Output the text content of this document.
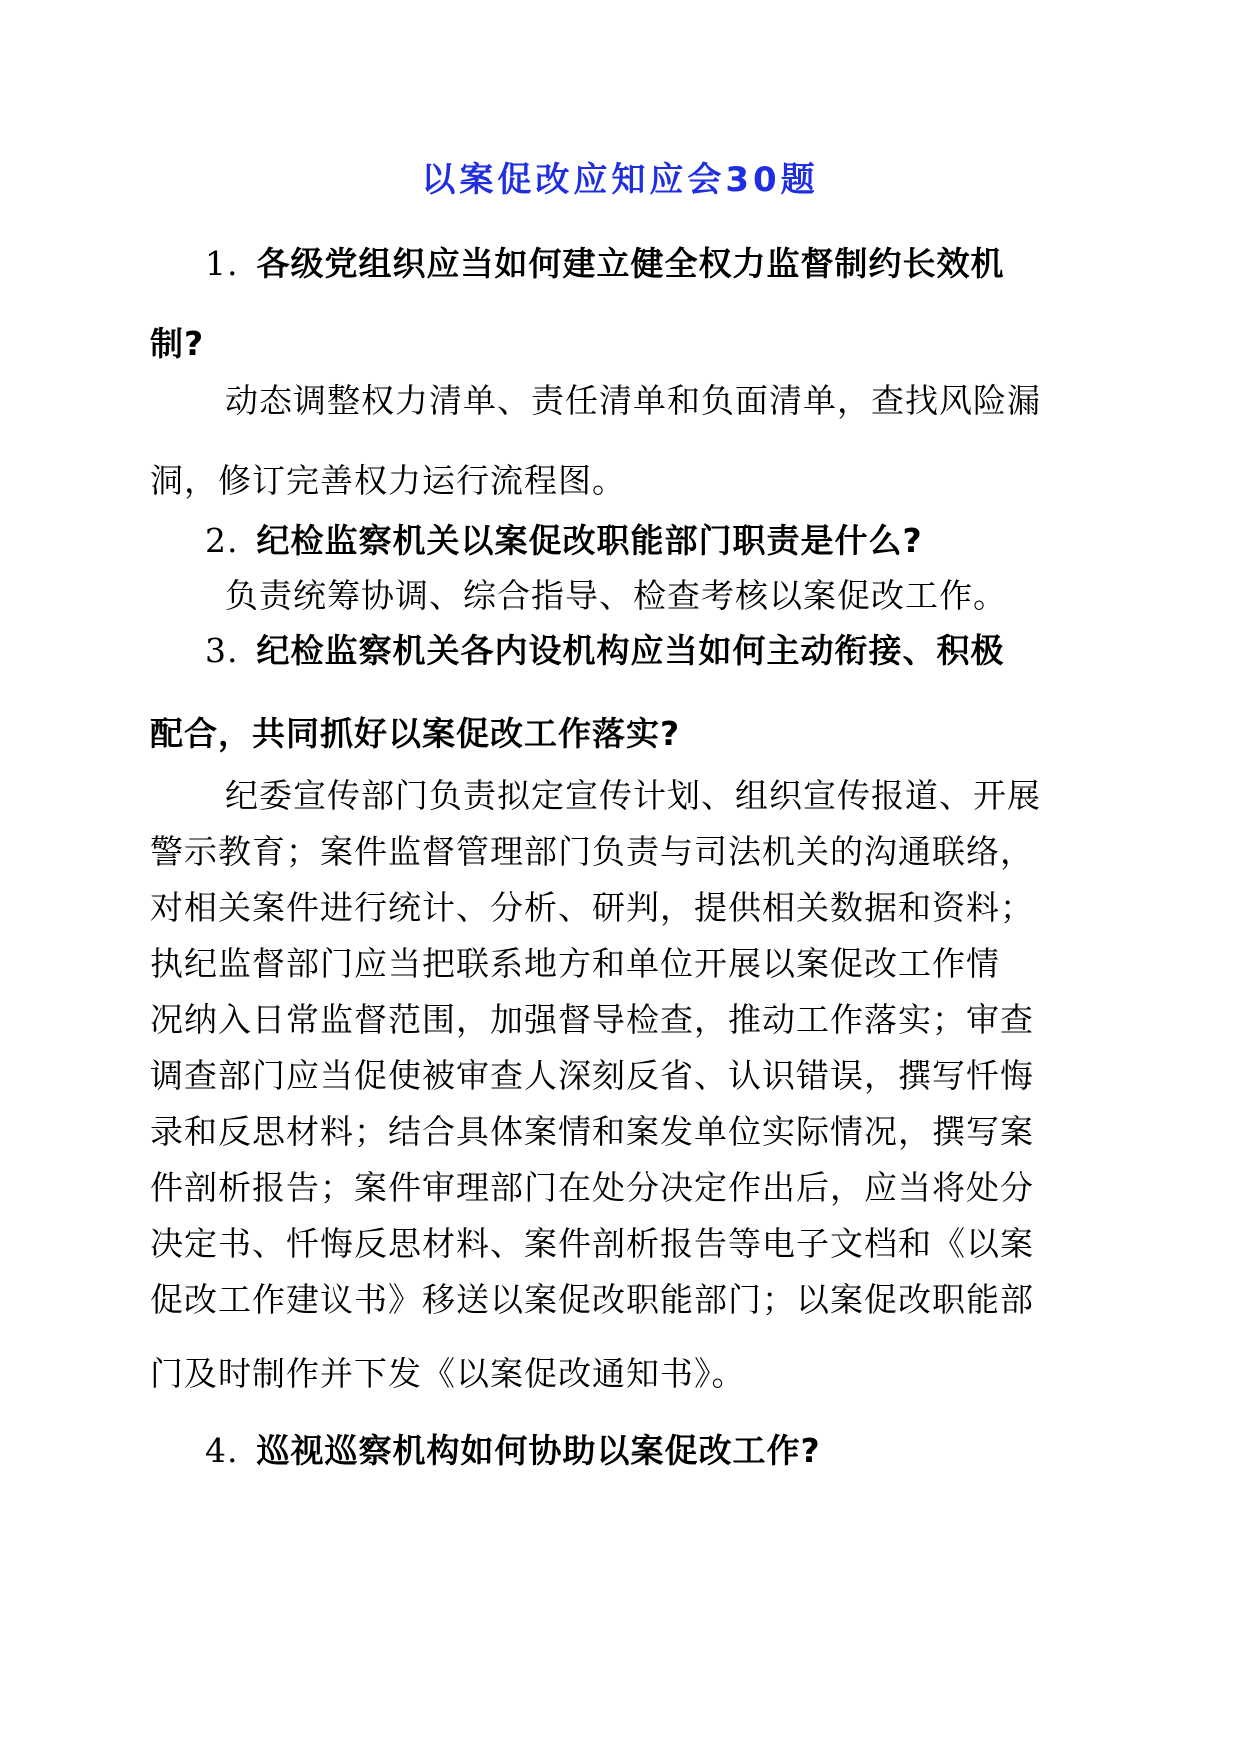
以案促改应知应会30题
1. 各级党组织应当如何建立健全权力监督制约长效机
制?
动态调整权力清单、责任清单和负面清单，查找风险漏
洞，修订完善权力运行流程图。
2. 纪检监察机关以案促改职能部门职责是什么?
负责统筹协调、综合指导、检查考核以案促改工作。
3. 纪检监察机关各内设机构应当如何主动衔接、积极
配合，共同抓好以案促改工作落实?
纪委宣传部门负责拟定宣传计划、组织宣传报道、开展
警示教育；案件监督管理部门负责与司法机关的沟通联络，
对相关案件进行统计、分析、研判，提供相关数据和资料；
执纪监督部门应当把联系地方和单位开展以案促改工作情
况纳入日常监督范围，加强督导检查，推动工作落实；审查
调查部门应当促使被审查人深刻反省、认识错误，撰写忏悔
录和反思材料；结合具体案情和案发单位实际情况，撰写案
件剖析报告；案件审理部门在处分决定作出后，应当将处分
决定书、忏悔反思材料、案件剖析报告等电子文档和《以案
促改工作建议书》移送以案促改职能部门；以案促改职能部
门及时制作并下发《以案促改通知书》。
4. 巡视巡察机构如何协助以案促改工作?
